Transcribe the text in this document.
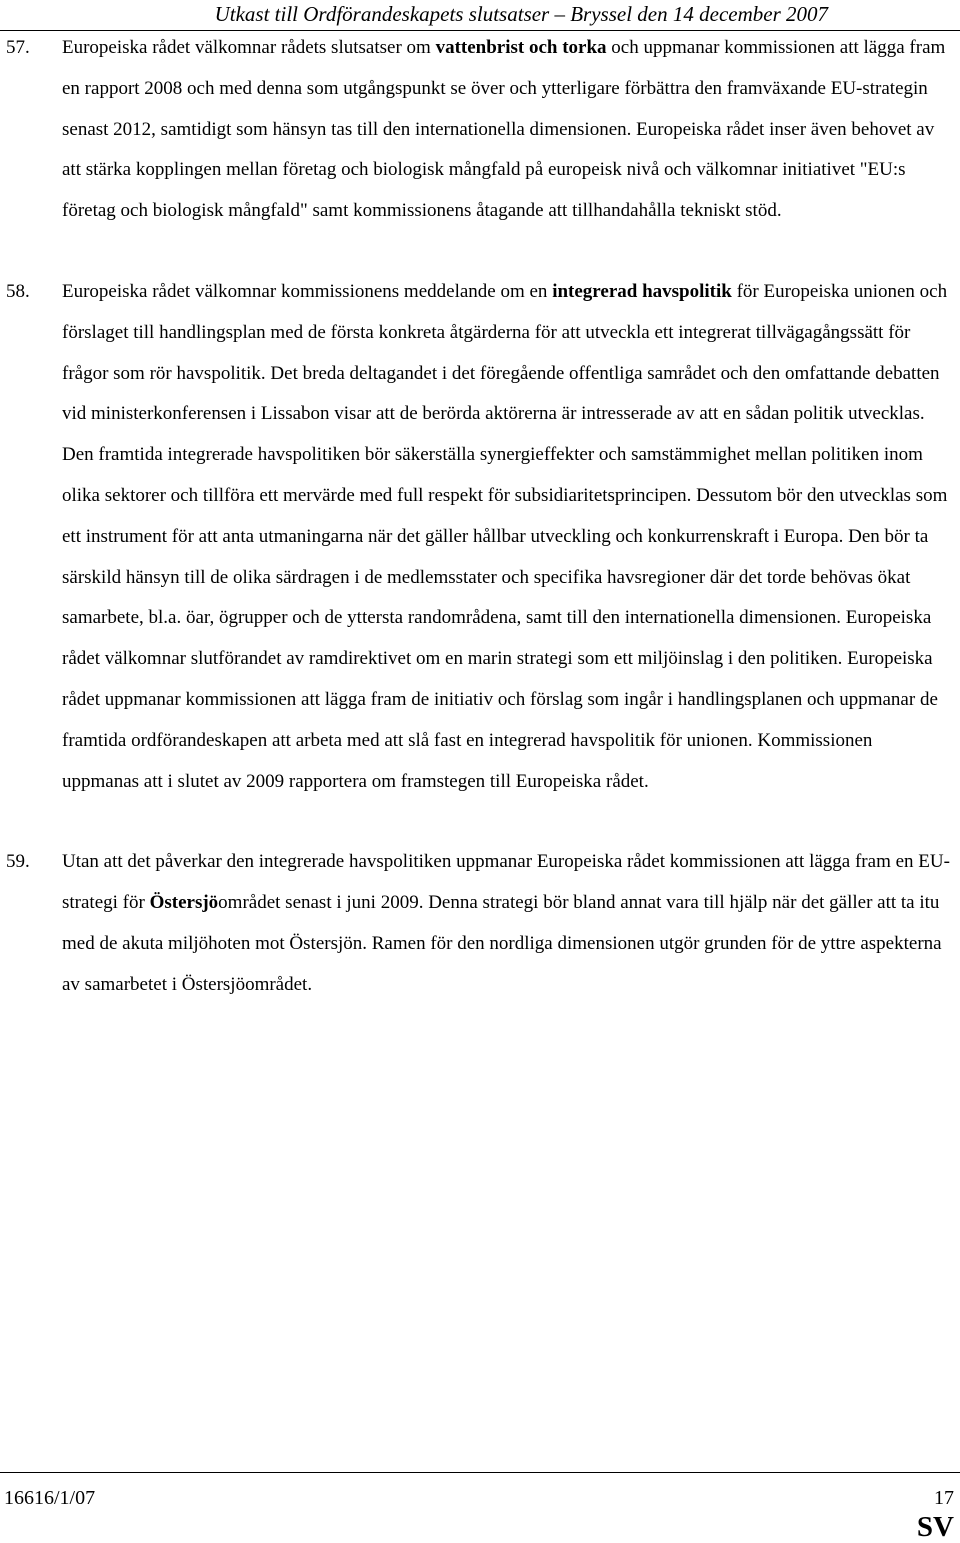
Utkast till Ordförandeskapets slutsatser – Bryssel den 14 december 2007
57. Europeiska rådet välkomnar rådets slutsatser om vattenbrist och torka och uppmanar kommissionen att lägga fram en rapport 2008 och med denna som utgångspunkt se över och ytterligare förbättra den framväxande EU-strategin senast 2012, samtidigt som hänsyn tas till den internationella dimensionen. Europeiska rådet inser även behovet av att stärka kopplingen mellan företag och biologisk mångfald på europeisk nivå och välkomnar initiativet "EU:s företag och biologisk mångfald" samt kommissionens åtagande att tillhandahålla tekniskt stöd.
58. Europeiska rådet välkomnar kommissionens meddelande om en integrerad havspolitik för Europeiska unionen och förslaget till handlingsplan med de första konkreta åtgärderna för att utveckla ett integrerat tillvägagångssätt för frågor som rör havspolitik. Det breda deltagandet i det föregående offentliga samrådet och den omfattande debatten vid ministerkonferensen i Lissabon visar att de berörda aktörerna är intresserade av att en sådan politik utvecklas. Den framtida integrerade havspolitiken bör säkerställa synergieffekter och samstämmighet mellan politiken inom olika sektorer och tillföra ett mervärde med full respekt för subsidiaritetsprincipen. Dessutom bör den utvecklas som ett instrument för att anta utmaningarna när det gäller hållbar utveckling och konkurrenskraft i Europa. Den bör ta särskild hänsyn till de olika särdragen i de medlemsstater och specifika havsregioner där det torde behövas ökat samarbete, bl.a. öar, ögrupper och de yttersta randområdena, samt till den internationella dimensionen. Europeiska rådet välkomnar slutförandet av ramdirektivet om en marin strategi som ett miljöinslag i den politiken. Europeiska rådet uppmanar kommissionen att lägga fram de initiativ och förslag som ingår i handlingsplanen och uppmanar de framtida ordförandeskapen att arbeta med att slå fast en integrerad havspolitik för unionen. Kommissionen uppmanas att i slutet av 2009 rapportera om framstegen till Europeiska rådet.
59. Utan att det påverkar den integrerade havspolitiken uppmanar Europeiska rådet kommissionen att lägga fram en EU-strategi för Östersjöområdet senast i juni 2009. Denna strategi bör bland annat vara till hjälp när det gäller att ta itu med de akuta miljöhoten mot Östersjön. Ramen för den nordliga dimensionen utgör grunden för de yttre aspekterna av samarbetet i Östersjöområdet.
16616/1/07	17
SV
